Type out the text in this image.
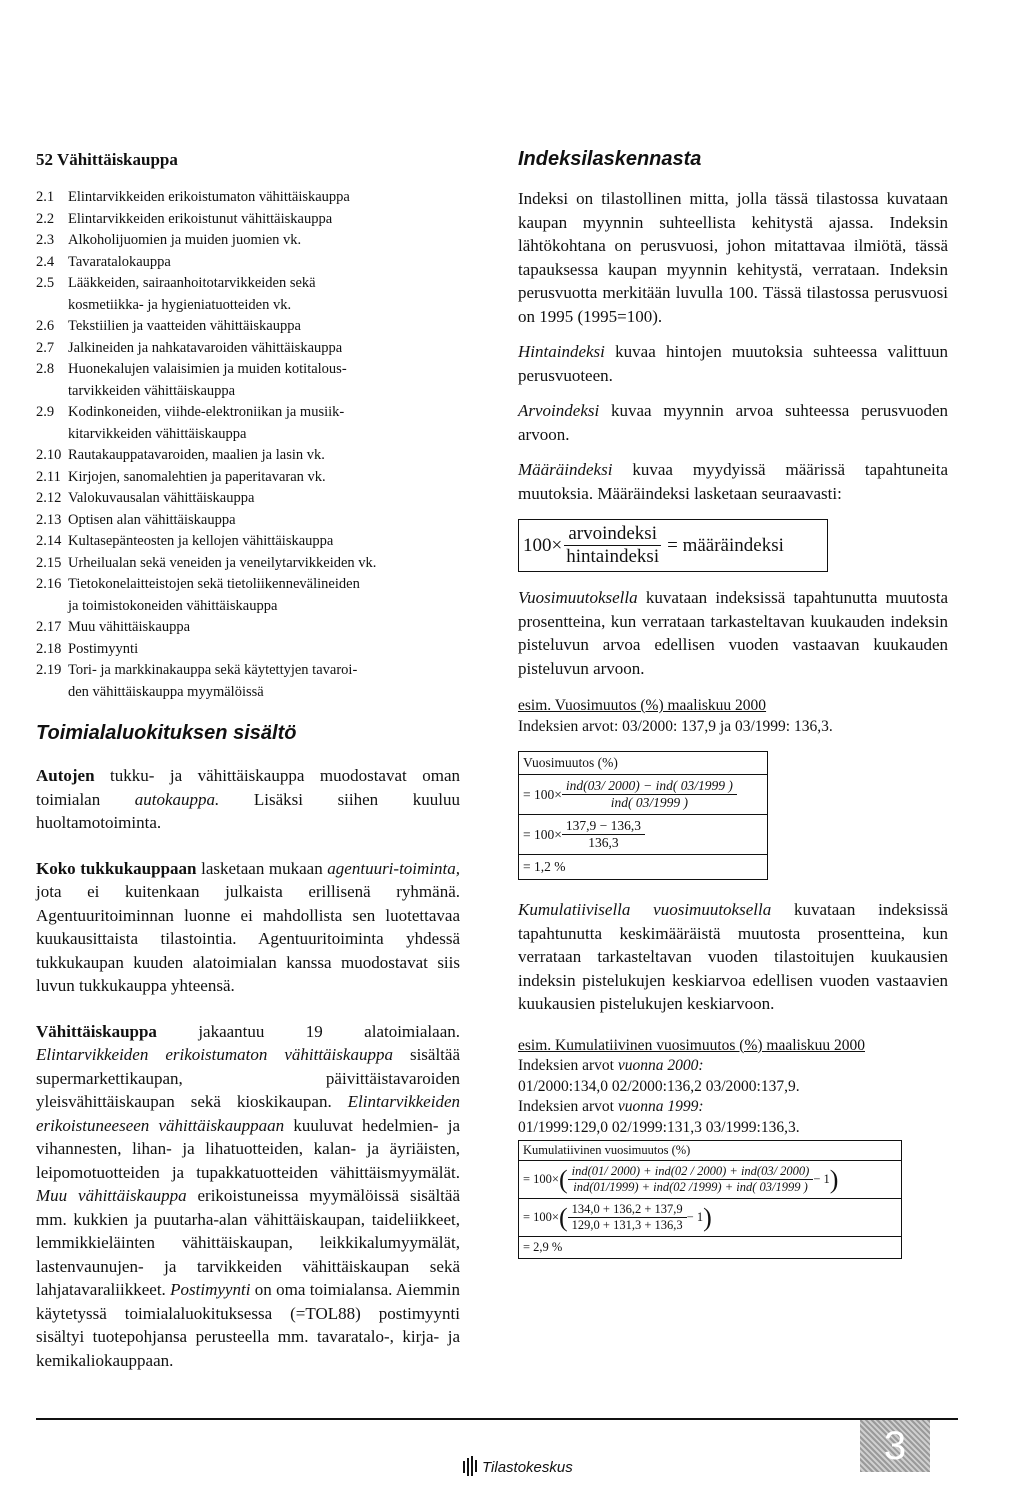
52 Vähittäiskauppa
2.1 Elintarvikkeiden erikoistumaton vähittäiskauppa
2.2 Elintarvikkeiden erikoistunut vähittäiskauppa
2.3 Alkoholijuomien ja muiden juomien vk.
2.4 Tavaratalokauppa
2.5 Lääkkeiden, sairaanhoitotarvikkeiden sekä
kosmetiikka- ja hygieniatuotteiden vk.
2.6 Tekstiilien ja vaatteiden vähittäiskauppa
2.7 Jalkineiden ja nahkatavaroiden vähittäiskauppa
2.8 Huonekalujen valaisimien ja muiden kotitalous-
tarvikkeiden vähittäiskauppa
2.9 Kodinkoneiden, viihde-elektroniikan ja musiik-
kitarvikkeiden vähittäiskauppa
2.10 Rautakauppatavaroiden, maalien ja lasin vk.
2.11 Kirjojen, sanomalehtien ja paperitavaran vk.
2.12 Valokuvausalan vähittäiskauppa
2.13 Optisen alan vähittäiskauppa
2.14 Kultasepänteosten ja kellojen vähittäiskauppa
2.15 Urheilualan sekä veneiden ja veneilytarvikkeiden vk.
2.16 Tietokonelaitteistojen sekä tietoliikennevälineiden
ja toimistokoneiden vähittäiskauppa
2.17 Muu vähittäiskauppa
2.18 Postimyynti
2.19 Tori- ja markkinakauppa sekä käytettyjen tavaroi-
den vähittäiskauppa myymälöissä
Toimialaluokituksen sisältö

Autojen tukku- ja vähittäiskauppa muodostavat oman toimialan autokauppa. Lisäksi siihen kuuluu huoltamotoiminta.

Koko tukkukauppaan lasketaan mukaan agentuuri-toiminta, jota ei kuitenkaan julkaista erillisenä ryhmänä. Agentuuritoiminnan luonne ei mahdollista sen luotettavaa kuukausittaista tilastointia. Agentuuritoiminta yhdessä tukkukaupan kuuden alatoimialan kanssa muodostavat siis luvun tukkukauppa yhteensä.

Vähittäiskauppa jakaantuu 19 alatoimialaan. Elintarvikkeiden erikoistumaton vähittäiskauppa sisältää supermarkettikaupan, päivittäistavaroiden yleisvähittäiskaupan sekä kioskikaupan. Elintarvikkeiden erikoistuneeseen vähittäiskauppaan kuuluvat hedelmien- ja vihannesten, lihan- ja lihatuotteiden, kalan- ja äyriäisten, leipomotuotteiden ja tupakkatuotteiden vähittäismyymälät. Muu vähittäiskauppa erikoistuneissa myymälöissä sisältää mm. kukkien ja puutarha-alan vähittäiskaupan, taideliikkeet, lemmikkieläinten vähittäiskaupan, leikkikalumyymälät, lastenvaunujen- ja tarvikkeiden vähittäiskaupan sekä lahjatavaraliikkeet. Postimyynti on oma toimialansa. Aiemmin käytetyssä toimialaluokituksessa (=TOL88) postimyynti sisältyi tuotepohjansa perusteella mm. tavaratalo-, kirja- ja kemikaliokauppaan.

Indeksilaskennasta

Indeksi on tilastollinen mitta, jolla tässä tilastossa kuvataan kaupan myynnin suhteellista kehitystä ajassa. Indeksin lähtökohtana on perusvuosi, johon mitattavaa ilmiötä, tässä tapauksessa kaupan myynnin kehitystä, verrataan. Indeksin perusvuotta merkitään luvulla 100. Tässä tilastossa perusvuosi on 1995 (1995=100).

Hintaindeksi kuvaa hintojen muutoksia suhteessa valittuun perusvuoteen.

Arvoindeksi kuvaa myynnin arvoa suhteessa perusvuoden arvoon.

Määräindeksi kuvaa myydyissä määrissä tapahtuneita muutoksia. Määräindeksi lasketaan seuraavasti:

$100\times \frac{\text{arvoindeksi}}{\text{hintaindeksi}}$ = määräindeksi

Vuosimuutoksella kuvataan indeksissä tapahtunutta muutosta prosentteina, kun verrataan tarkasteltavan kuukauden indeksin pisteluvun arvoa edellisen vuoden vastaavan kuukauden pisteluvun arvoon.

esim. Vuosimuutos (%) maaliskuu 2000
Indeksien arvot: 03/2000: 137,9 ja 03/1999: 136,3.
Vuosimuutos (%)
= $100\times \frac{\text{ind(03/ 2000) − ind( 03/1999 )}}{\text{ind( 03/1999 )}}$
= $100\times \frac{137,9 - 136,3}{136,3}$
= 1,2 %

Kumulatiivisella vuosimuutoksella kuvataan indeksissä tapahtunutta keskimääräistä muutosta prosentteina, kun verrataan tarkasteltavan vuoden tilastoitujen kuukausien indeksin pistelukujen keskiarvoa edellisen vuoden vastaavien kuukausien pistelukujen keskiarvoon.

esim. Kumulatiivinen vuosimuutos (%) maaliskuu 2000
Indeksien arvot vuonna 2000:
01/2000:134,0 02/2000:136,2 03/2000:137,9.
Indeksien arvot vuonna 1999:
01/1999:129,0 02/1999:131,3 03/1999:136,3.
Kumulatiivinen vuosimuutos (%)
= 100× ( $\frac{\text{ind(01/ 2000) + ind(02 / 2000) + ind(03/ 2000)}}{\text{ind(01/1999) + ind(02 /1999) + ind( 03/1999 )}} - 1$ )
= 100× ( $\frac{134,0 + 136,2 + 137,9}{129,0 + 131,3 + 136,3} - 1$ )
= 2,9 %
3
Tilastokeskus
